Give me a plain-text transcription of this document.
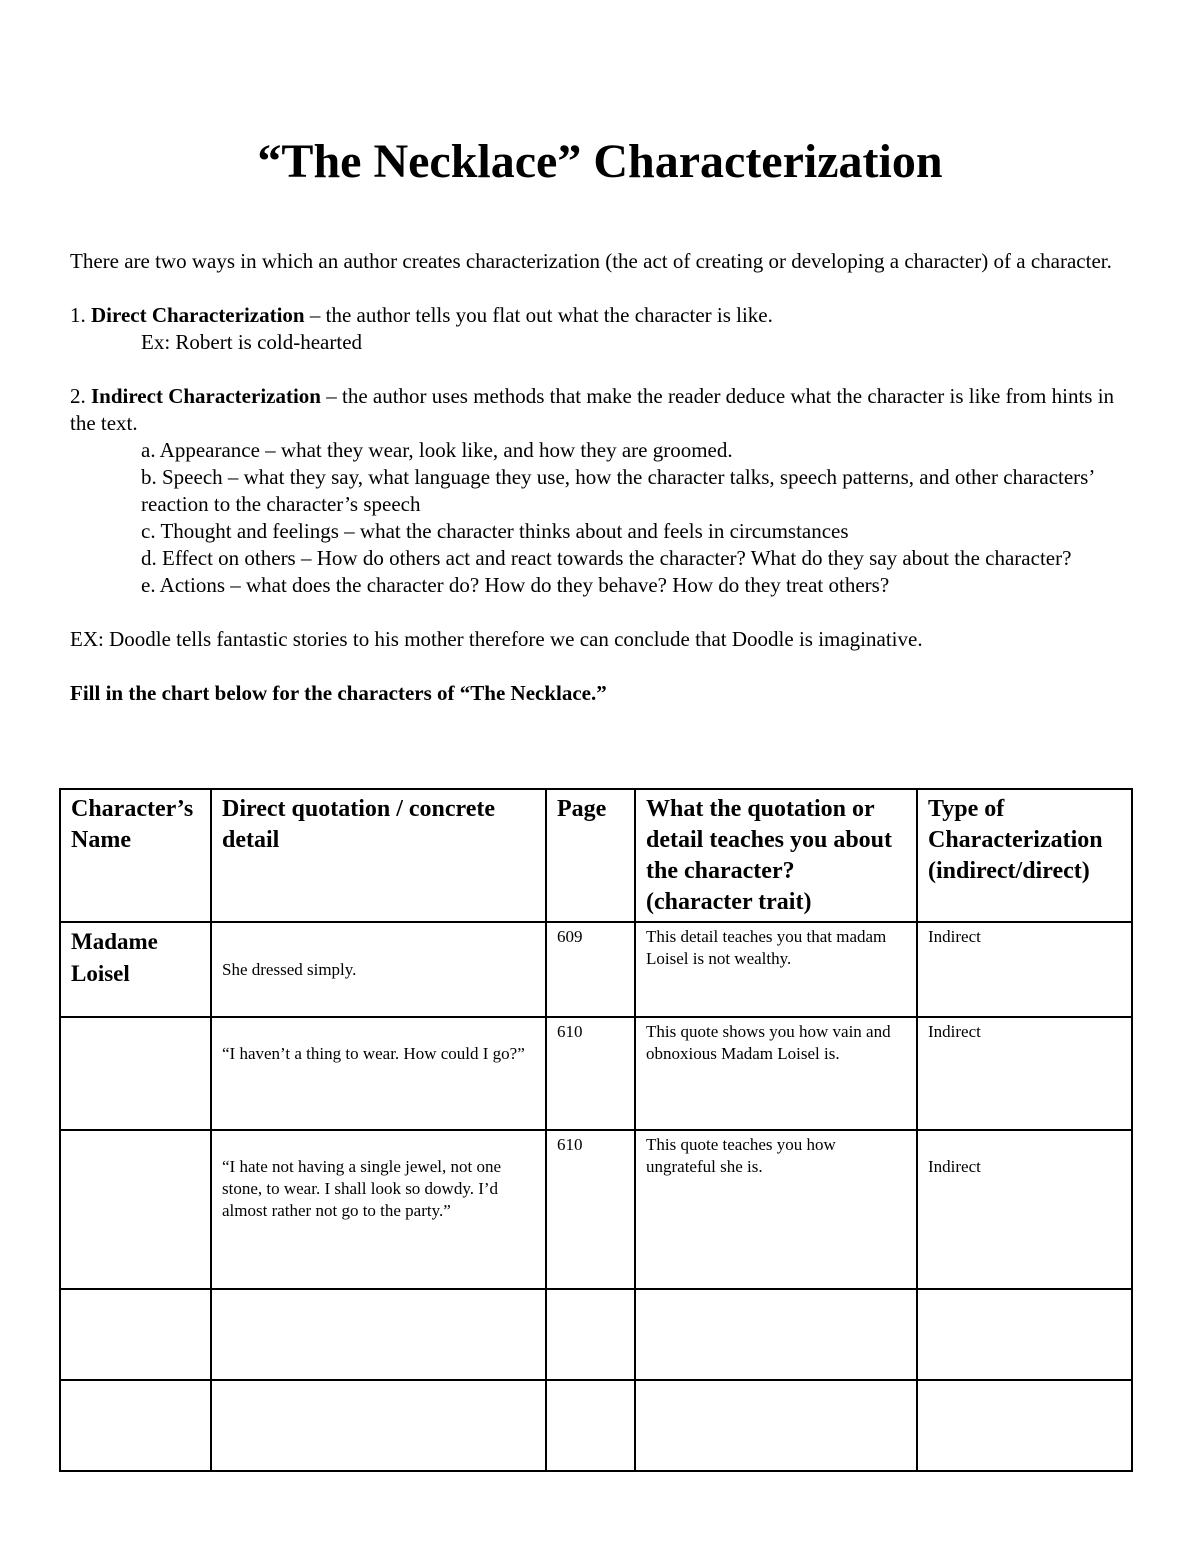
“The Necklace” Characterization
There are two ways in which an author creates characterization (the act of creating or developing a character) of a character.
1. Direct Characterization – the author tells you flat out what the character is like.
Ex: Robert is cold-hearted
2. Indirect Characterization – the author uses methods that make the reader deduce what the character is like from hints in the text.
a. Appearance – what they wear, look like, and how they are groomed.
b. Speech – what they say, what language they use, how the character talks, speech patterns, and other characters’ reaction to the character’s speech
c. Thought and feelings – what the character thinks about and feels in circumstances
d. Effect on others – How do others act and react towards the character? What do they say about the character?
e. Actions – what does the character do? How do they behave? How do they treat others?
EX: Doodle tells fantastic stories to his mother therefore we can conclude that Doodle is imaginative.
Fill in the chart below for the characters of “The Necklace.”
Character’s Name	Direct quotation / concrete detail	Page	What the quotation or detail teaches you about the character? (character trait)	Type of Characterization (indirect/direct)
Madame Loisel	She dressed simply.	609	This detail teaches you that madam Loisel is not wealthy.	Indirect

	“I haven’t a thing to wear. How could I go?”	610	This quote shows you how vain and obnoxious Madam Loisel is.	Indirect

	“I hate not having a single jewel, not one stone, to wear. I shall look so dowdy. I’d almost rather not go to the party.”	610	This quote teaches you how ungrateful she is.	Indirect
